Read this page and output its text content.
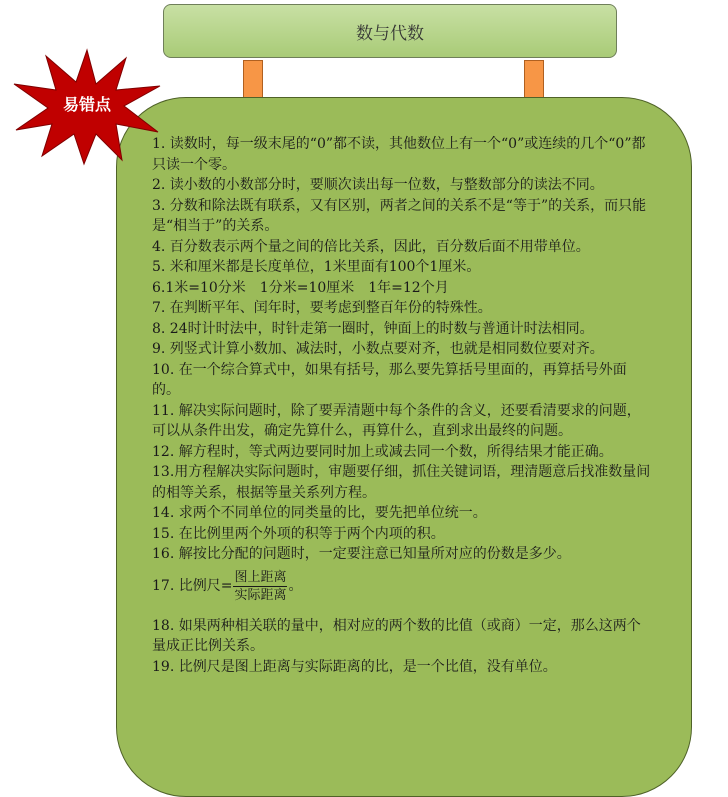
数与代数
易错点

1. 读数时，每一级末尾的“0”都不读，其他数位上有一个“0”或连续的几个“0”都只读一个零。

2. 读小数的小数部分时，要顺次读出每一位数，与整数部分的读法不同。

3. 分数和除法既有联系，又有区别，两者之间的关系不是“等于”的关系，而只能是“相当于”的关系。

4. 百分数表示两个量之间的倍比关系，因此，百分数后面不用带单位。

5. 米和厘米都是长度单位，1米里面有100个1厘米。

6.1米=10分米　1分米=10厘米　1年=12个月

7. 在判断平年、闰年时，要考虑到整百年份的特殊性。

8. 24时计时法中，时针走第一圈时，钟面上的时数与普通计时法相同。

9. 列竖式计算小数加、减法时，小数点要对齐，也就是相同数位要对齐。

10. 在一个综合算式中，如果有括号，那么要先算括号里面的，再算括号外面的。

11. 解决实际问题时，除了要弄清题中每个条件的含义，还要看清要求的问题，可以从条件出发，确定先算什么，再算什么，直到求出最终的问题。

12. 解方程时，等式两边要同时加上或减去同一个数，所得结果才能正确。

13.用方程解决实际问题时，审题要仔细，抓住关键词语，理清题意后找准数量间的相等关系，根据等量关系列方程。

14. 求两个不同单位的同类量的比，要先把单位统一。

15. 在比例里两个外项的积等于两个内项的积。

16. 解按比分配的问题时，一定要注意已知量所对应的份数是多少。

17. 比例尺= $\frac{\text{图上距离}}{\text{实际距离}}$ 。

18. 如果两种相关联的量中，相对应的两个数的比值（或商）一定，那么这两个量成正比例关系。

19. 比例尺是图上距离与实际距离的比，是一个比值，没有单位。
